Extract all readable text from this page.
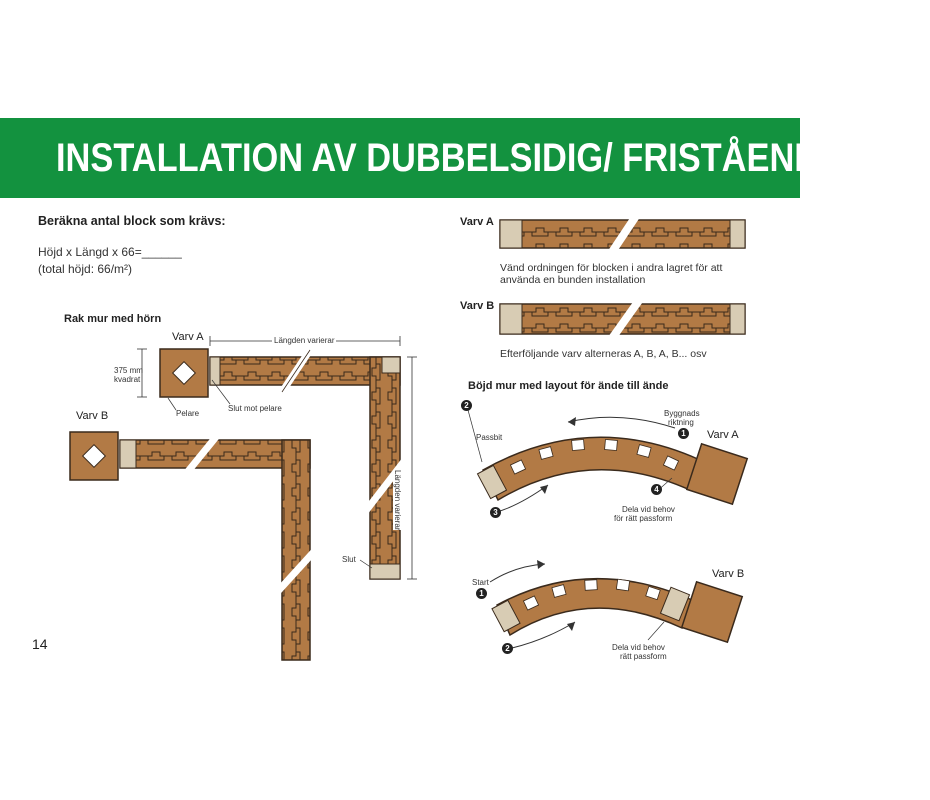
INSTALLATION AV DUBBELSIDIG/ FRISTÅENDE MUR
Beräkna antal block som krävs:
Höjd x Längd x 66=______
(total höjd: 66/m²)
Rak mur med hörn
Varv A
Varv B
375 mm
kvadrat
Längden varierar
Längden varierar
Pelare
Slut mot pelare
Slut
Varv A
Vänd ordningen för blocken i andra lagret för att
använda en bunden installation
Varv B
Efterföljande varv alterneras A, B, A, B... osv
Böjd mur med layout för ände till ände
Passbit
Byggnads
riktning
Varv A
Dela vid behov
för rätt passform
Start
Varv B
Dela vid behov
rätt passform
2
1
3
4
1
2
14
